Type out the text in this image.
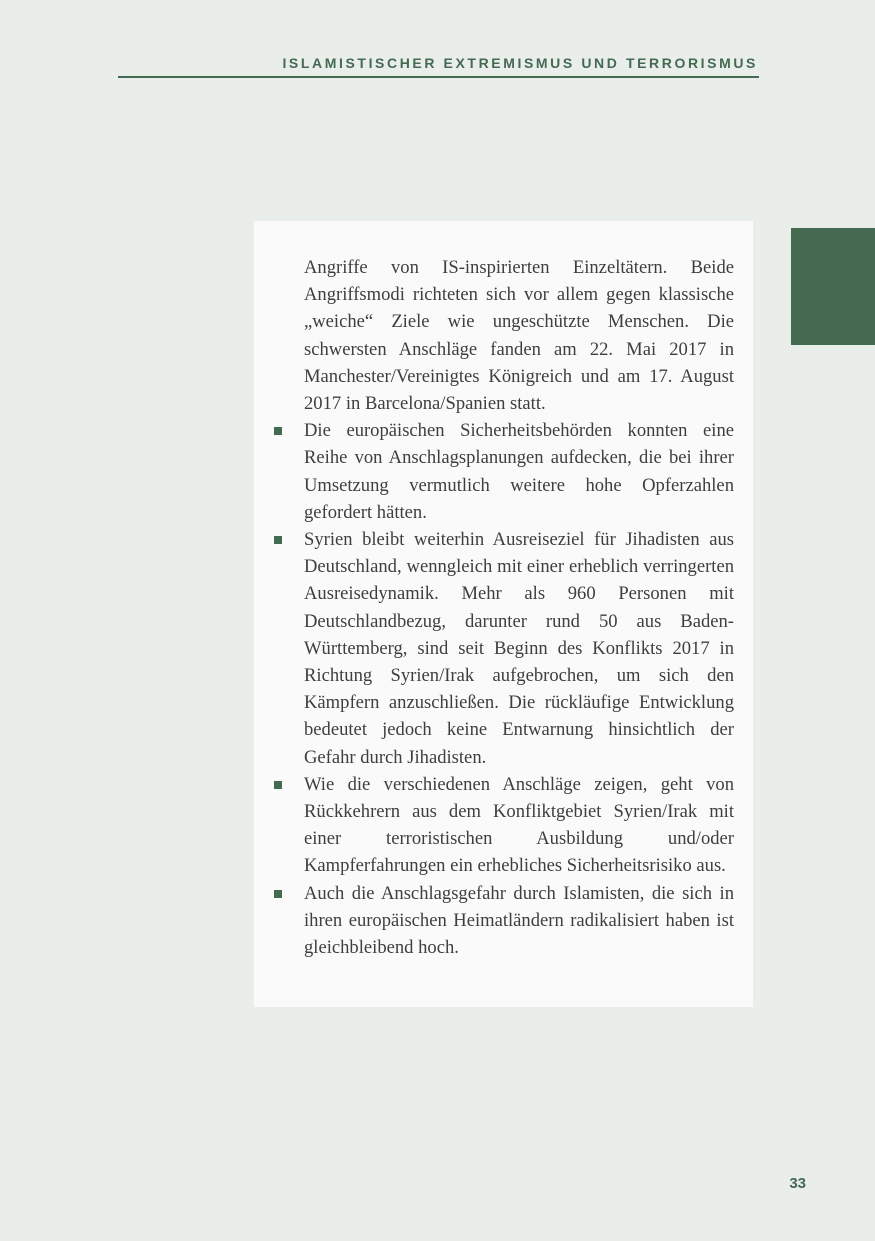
ISLAMISTISCHER EXTREMISMUS UND TERRORISMUS

Angriffe von IS-inspirierten Einzeltätern. Beide Angriffsmodi richteten sich vor allem gegen klassische „weiche“ Ziele wie ungeschützte Menschen. Die schwersten Anschläge fanden am 22. Mai 2017 in Manchester/Vereinigtes Königreich und am 17. August 2017 in Barcelona/Spanien statt.

Die europäischen Sicherheitsbehörden konnten eine Reihe von Anschlagsplanungen aufdecken, die bei ihrer Umsetzung vermutlich weitere hohe Opferzahlen gefordert hätten.

Syrien bleibt weiterhin Ausreiseziel für Jihadisten aus Deutschland, wenngleich mit einer erheblich verringerten Ausreisedynamik. Mehr als 960 Personen mit Deutschlandbezug, darunter rund 50 aus Baden-Württemberg, sind seit Beginn des Konflikts 2017 in Richtung Syrien/Irak aufgebrochen, um sich den Kämpfern anzuschließen. Die rückläufige Entwicklung bedeutet jedoch keine Entwarnung hinsichtlich der Gefahr durch Jihadisten.

Wie die verschiedenen Anschläge zeigen, geht von Rückkehrern aus dem Konfliktgebiet Syrien/Irak mit einer terroristischen Ausbildung und/oder Kampferfahrungen ein erhebliches Sicherheitsrisiko aus.

Auch die Anschlagsgefahr durch Islamisten, die sich in ihren europäischen Heimatländern radikalisiert haben ist gleichbleibend hoch.

33
